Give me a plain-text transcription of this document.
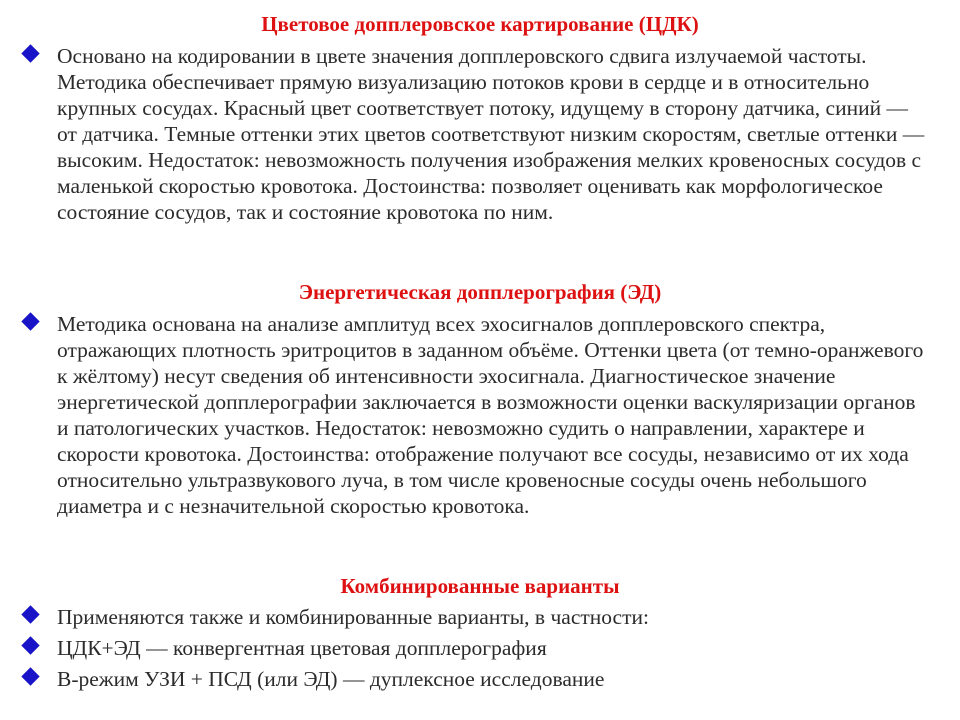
Цветовое допплеровское картирование (ЦДК)

Основано на кодировании в цвете значения допплеровского сдвига излучаемой частоты. Методика обеспечивает прямую визуализацию потоков крови в сердце и в относительно крупных сосудах. Красный цвет соответствует потоку, идущему в сторону датчика, синий — от датчика. Темные оттенки этих цветов соответствуют низким скоростям, светлые оттенки — высоким. Недостаток: невозможность получения изображения мелких кровеносных сосудов с маленькой скоростью кровотока. Достоинства: позволяет оценивать как морфологическое состояние сосудов, так и состояние кровотока по ним.

Энергетическая допплерография (ЭД)

Методика основана на анализе амплитуд всех эхосигналов допплеровского спектра, отражающих плотность эритроцитов в заданном объёме. Оттенки цвета (от темно-оранжевого к жёлтому) несут сведения об интенсивности эхосигнала. Диагностическое значение энергетической допплерографии заключается в возможности оценки васкуляризации органов и патологических участков. Недостаток: невозможно судить о направлении, характере и скорости кровотока. Достоинства: отображение получают все сосуды, независимо от их хода относительно ультразвукового луча, в том числе кровеносные сосуды очень небольшого диаметра и с незначительной скоростью кровотока.

Комбинированные варианты

Применяются также и комбинированные варианты, в частности:
ЦДК+ЭД — конвергентная цветовая допплерография
В-режим УЗИ + ПСД (или ЭД) — дуплексное исследование
